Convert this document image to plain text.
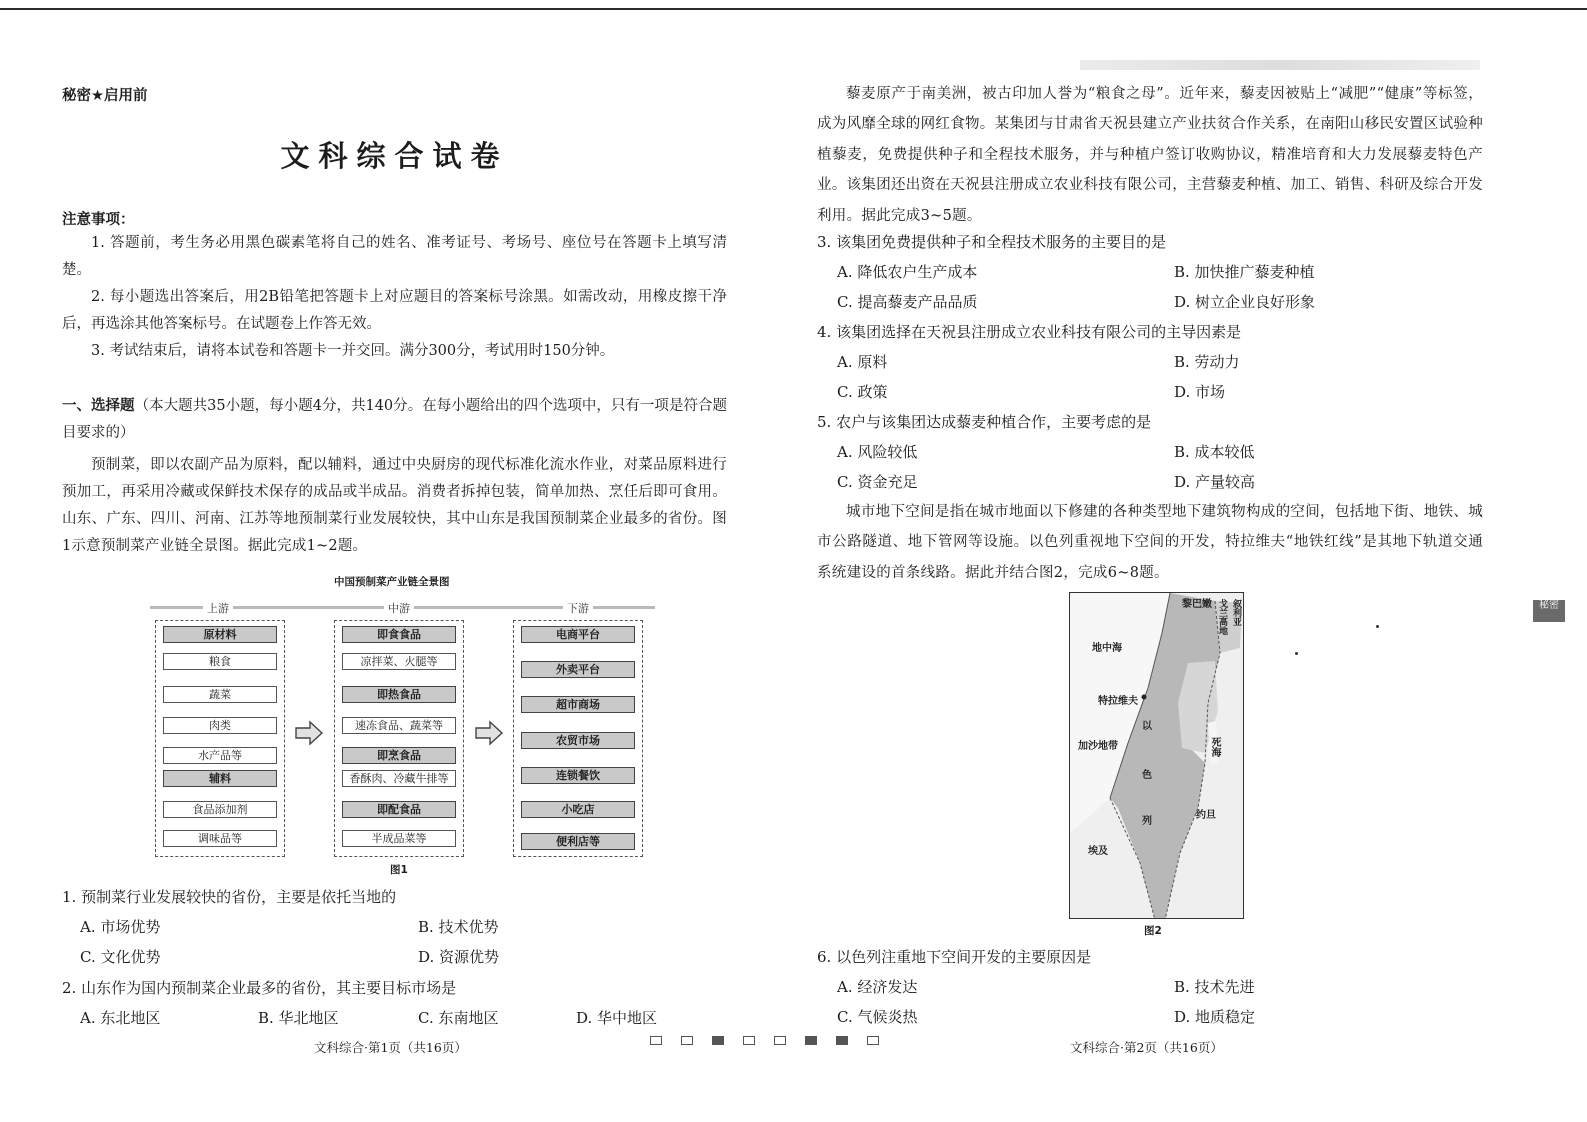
秘密★启用前
文科综合试卷
注意事项：
1. 答题前，考生务必用黑色碳素笔将自己的姓名、准考证号、考场号、座位号在答题卡上填写清楚。
2. 每小题选出答案后，用2B铅笔把答题卡上对应题目的答案标号涂黑。如需改动，用橡皮擦干净后，再选涂其他答案标号。在试题卷上作答无效。
3. 考试结束后，请将本试卷和答题卡一并交回。满分300分，考试用时150分钟。
一、选择题（本大题共35小题，每小题4分，共140分。在每小题给出的四个选项中，只有一项是符合题目要求的）
预制菜，即以农副产品为原料，配以辅料，通过中央厨房的现代标准化流水作业，对菜品原料进行预加工，再采用冷藏或保鲜技术保存的成品或半成品。消费者拆掉包装，简单加热、烹任后即可食用。山东、广东、四川、河南、江苏等地预制菜行业发展较快，其中山东是我国预制菜企业最多的省份。图1示意预制菜产业链全景图。据此完成1~2题。
中国预制菜产业链全景图
上游	中游	下游
原材料
粮食
蔬菜
肉类
水产品等
辅料
食品添加剂
调味品等
即食食品
凉拌菜、火腿等
即热食品
速冻食品、蔬菜等
即烹食品
香酥肉、冷藏牛排等
即配食品
半成品菜等
电商平台
外卖平台
超市商场
农贸市场
连锁餐饮
小吃店
便利店等
图1
1. 预制菜行业发展较快的省份，主要是依托当地的
A. 市场优势	B. 技术优势
C. 文化优势	D. 资源优势
2. 山东作为国内预制菜企业最多的省份，其主要目标市场是
A. 东北地区	B. 华北地区	C. 东南地区	D. 华中地区
文科综合·第1页（共16页）
藜麦原产于南美洲，被古印加人誉为“粮食之母”。近年来，藜麦因被贴上“减肥”“健康”等标签，成为风靡全球的网红食物。某集团与甘肃省天祝县建立产业扶贫合作关系，在南阳山移民安置区试验种植藜麦，免费提供种子和全程技术服务，并与种植户签订收购协议，精准培育和大力发展藜麦特色产业。该集团还出资在天祝县注册成立农业科技有限公司，主营藜麦种植、加工、销售、科研及综合开发利用。据此完成3~5题。
3. 该集团免费提供种子和全程技术服务的主要目的是
A. 降低农户生产成本	B. 加快推广藜麦种植
C. 提高藜麦产品品质	D. 树立企业良好形象
4. 该集团选择在天祝县注册成立农业科技有限公司的主导因素是
A. 原料	B. 劳动力
C. 政策	D. 市场
5. 农户与该集团达成藜麦种植合作，主要考虑的是
A. 风险较低	B. 成本较低
C. 资金充足	D. 产量较高
城市地下空间是指在城市地面以下修建的各种类型地下建筑物构成的空间，包括地下街、地铁、城市公路隧道、地下管网等设施。以色列重视地下空间的开发，特拉维夫“地铁红线”是其地下轨道交通系统建设的首条线路。据此并结合图2，完成6~8题。
黎巴嫩 戈兰高地 叙利亚
地中海
特拉维夫
加沙地带	死海
以
色
列
约旦
埃及
图2
6. 以色列注重地下空间开发的主要原因是
A. 经济发达	B. 技术先进
C. 气候炎热	D. 地质稳定
文科综合·第2页（共16页）
秘密
